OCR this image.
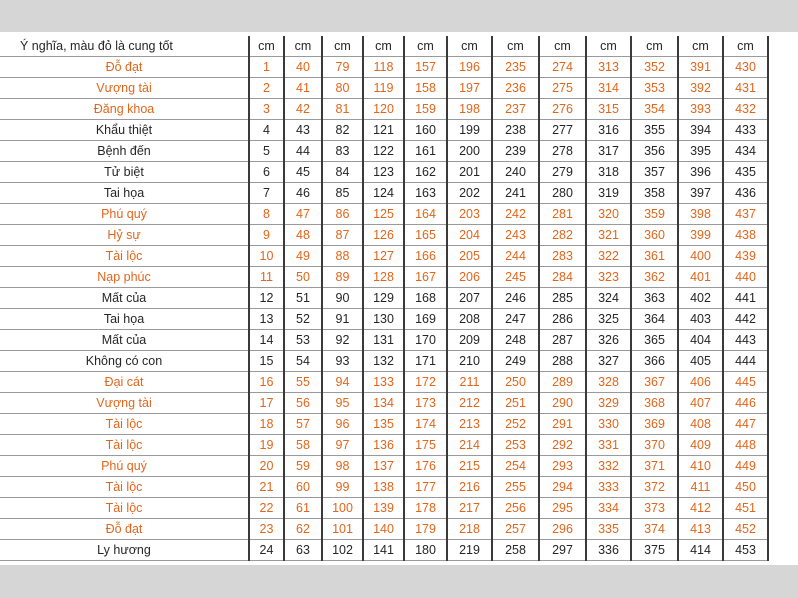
Ý nghĩa, màu đỏ là cung tốt	cm	cm	cm	cm	cm	cm	cm	cm	cm	cm	cm	cm
Đỗ đạt	1	40	79	118	157	196	235	274	313	352	391	430
Vượng tài	2	41	80	119	158	197	236	275	314	353	392	431
Đăng khoa	3	42	81	120	159	198	237	276	315	354	393	432
Khẩu thiệt	4	43	82	121	160	199	238	277	316	355	394	433
Bệnh đến	5	44	83	122	161	200	239	278	317	356	395	434
Tử biệt	6	45	84	123	162	201	240	279	318	357	396	435
Tai họa	7	46	85	124	163	202	241	280	319	358	397	436
Phú quý	8	47	86	125	164	203	242	281	320	359	398	437
Hỷ sự	9	48	87	126	165	204	243	282	321	360	399	438
Tài lộc	10	49	88	127	166	205	244	283	322	361	400	439
Nạp phúc	11	50	89	128	167	206	245	284	323	362	401	440
Mất của	12	51	90	129	168	207	246	285	324	363	402	441
Tai họa	13	52	91	130	169	208	247	286	325	364	403	442
Mất của	14	53	92	131	170	209	248	287	326	365	404	443
Không có con	15	54	93	132	171	210	249	288	327	366	405	444
Đại cát	16	55	94	133	172	211	250	289	328	367	406	445
Vượng tài	17	56	95	134	173	212	251	290	329	368	407	446
Tài lộc	18	57	96	135	174	213	252	291	330	369	408	447
Tài lộc	19	58	97	136	175	214	253	292	331	370	409	448
Phú quý	20	59	98	137	176	215	254	293	332	371	410	449
Tài lộc	21	60	99	138	177	216	255	294	333	372	411	450
Tài lộc	22	61	100	139	178	217	256	295	334	373	412	451
Đỗ đạt	23	62	101	140	179	218	257	296	335	374	413	452
Ly hương	24	63	102	141	180	219	258	297	336	375	414	453
